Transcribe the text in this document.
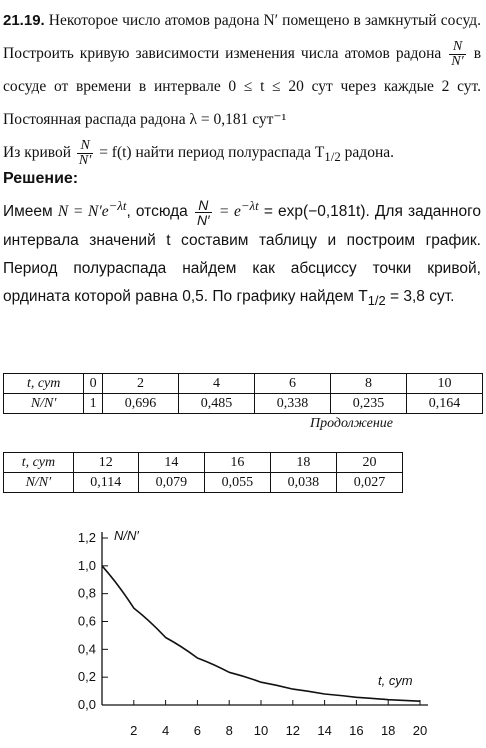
21.19. Некоторое число атомов радона N′ помещено в замкнутый сосуд. Построить кривую зависимости изменения числа атомов радона $\frac{N}{N'}$ в сосуде от времени в интервале 0 ≤ t ≤ 20 сут через каждые 2 сут. Постоянная распада радона λ = 0,181 сут⁻¹
Из кривой $\frac{N}{N'} = f(t)$ найти период полураспада $T_{1/2}$ радона.

Решение:

Имеем $N = N'e^{-\lambda t}$, отсюда $\frac{N}{N'} = e^{-\lambda t} = \exp(-0,181t)$. Для заданного интервала значений t составим таблицу и построим график. Период полураспада найдем как абсциссу точки кривой, ордината которой равна 0,5. По графику найдем $T_{1/2} = 3,8$ сут.

t, сут	0	2	4	6	8	10
N/N′	1	0,696	0,485	0,338	0,235	0,164
Продолжение
t, сут	12	14	16	18	20
N/N′	0,114	0,079	0,055	0,038	0,027
0,0
0,2
0,4
0,6
0,8
1,0
1,2
2 4 6 8 10 12 14 16 18 20
N/N′
t, сут
